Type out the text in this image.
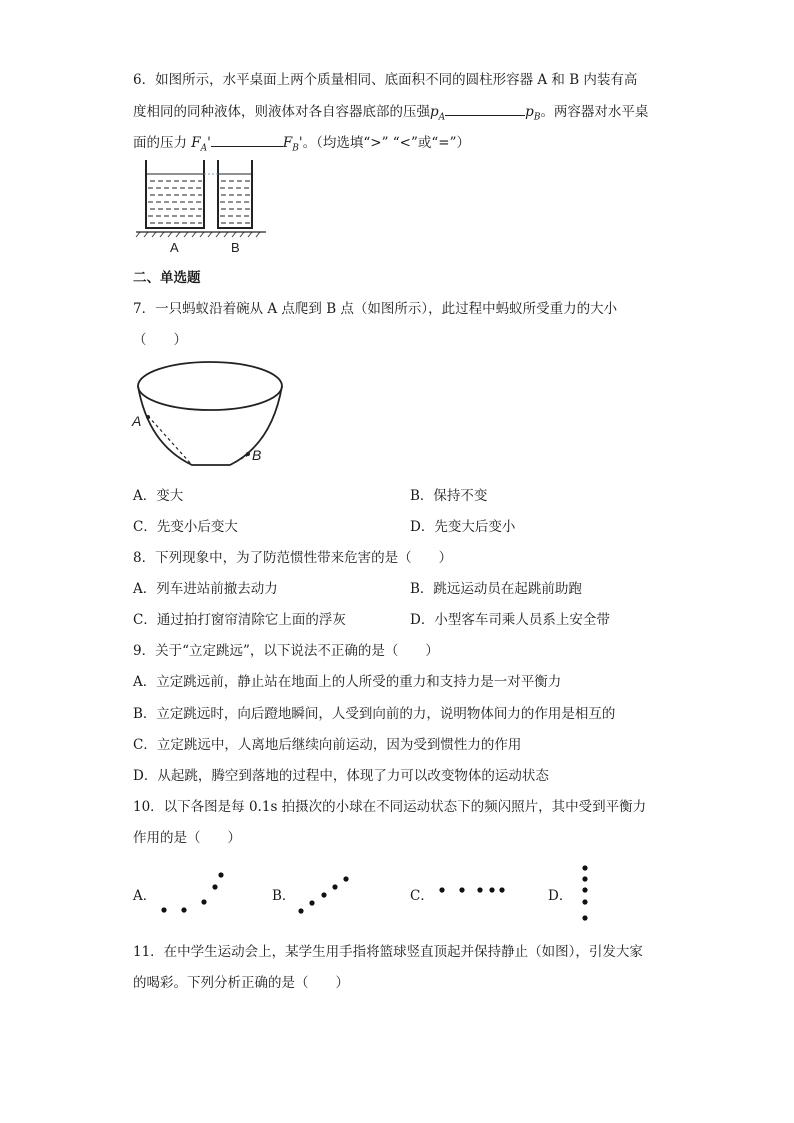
6．如图所示，水平桌面上两个质量相同、底面积不同的圆柱形容器 A 和 B 内装有高
度相同的同种液体，则液体对各自容器底部的压强$p_A$	$p_B$。两容器对水平桌
面的压力 $F_A'$	$F_B'$。（均选填“>” “<”或“=”）
A	B
二、单选题
7．一只蚂蚁沿着碗从 A 点爬到 B 点（如图所示），此过程中蚂蚁所受重力的大小
（　　）
A
B
A．变大	B．保持不变
C．先变小后变大	D．先变大后变小
8．下列现象中，为了防范惯性带来危害的是（　　）
A．列车进站前撤去动力	B．跳远运动员在起跳前助跑
C．通过拍打窗帘清除它上面的浮灰	D．小型客车司乘人员系上安全带
9．关于“立定跳远”，以下说法不正确的是（　　）
A．立定跳远前，静止站在地面上的人所受的重力和支持力是一对平衡力
B．立定跳远时，向后蹬地瞬间，人受到向前的力，说明物体间力的作用是相互的
C．立定跳远中，人离地后继续向前运动，因为受到惯性力的作用
D．从起跳，腾空到落地的过程中，体现了力可以改变物体的运动状态
10．以下各图是每 0.1s 拍摄次的小球在不同运动状态下的频闪照片，其中受到平衡力
作用的是（　　）
A．	B．	C．	D．
11．在中学生运动会上，某学生用手指将篮球竖直顶起并保持静止（如图），引发大家
的喝彩。下列分析正确的是（　　）
